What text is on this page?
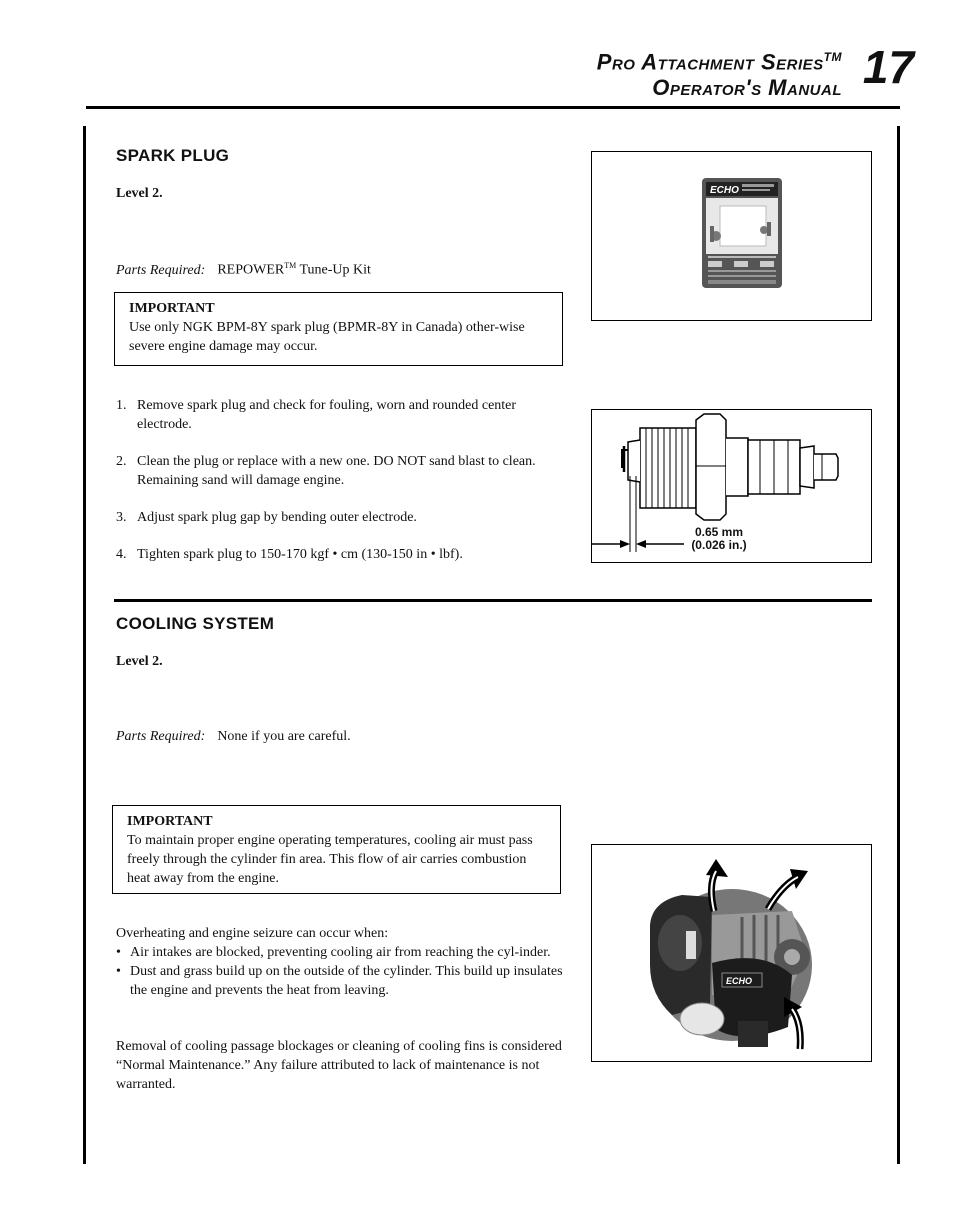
Pro Attachment Series™
Operator's Manual 17
SPARK PLUG
Level 2.
Parts Required: REPOWER™ Tune-Up Kit
IMPORTANT
Use only NGK BPM-8Y spark plug (BPMR-8Y in Canada) other-wise severe engine damage may occur.
1. Remove spark plug and check for fouling, worn and rounded center electrode.
2. Clean the plug or replace with a new one. DO NOT sand blast to clean. Remaining sand will damage engine.
3. Adjust spark plug gap by bending outer electrode.
4. Tighten spark plug to 150-170 kgf • cm (130-150 in • lbf).
ECHO
0.65 mm
(0.026 in.)
COOLING SYSTEM
Level 2.
Parts Required: None if you are careful.
IMPORTANT
To maintain proper engine operating temperatures, cooling air must pass freely through the cylinder fin area. This flow of air carries combustion heat away from the engine.
Overheating and engine seizure can occur when:
• Air intakes are blocked, preventing cooling air from reaching the cyl-inder.
• Dust and grass build up on the outside of the cylinder. This build up insulates the engine and prevents the heat from leaving.
Removal of cooling passage blockages or cleaning of cooling fins is considered “Normal Maintenance.” Any failure attributed to lack of maintenance is not warranted.
ECHO
